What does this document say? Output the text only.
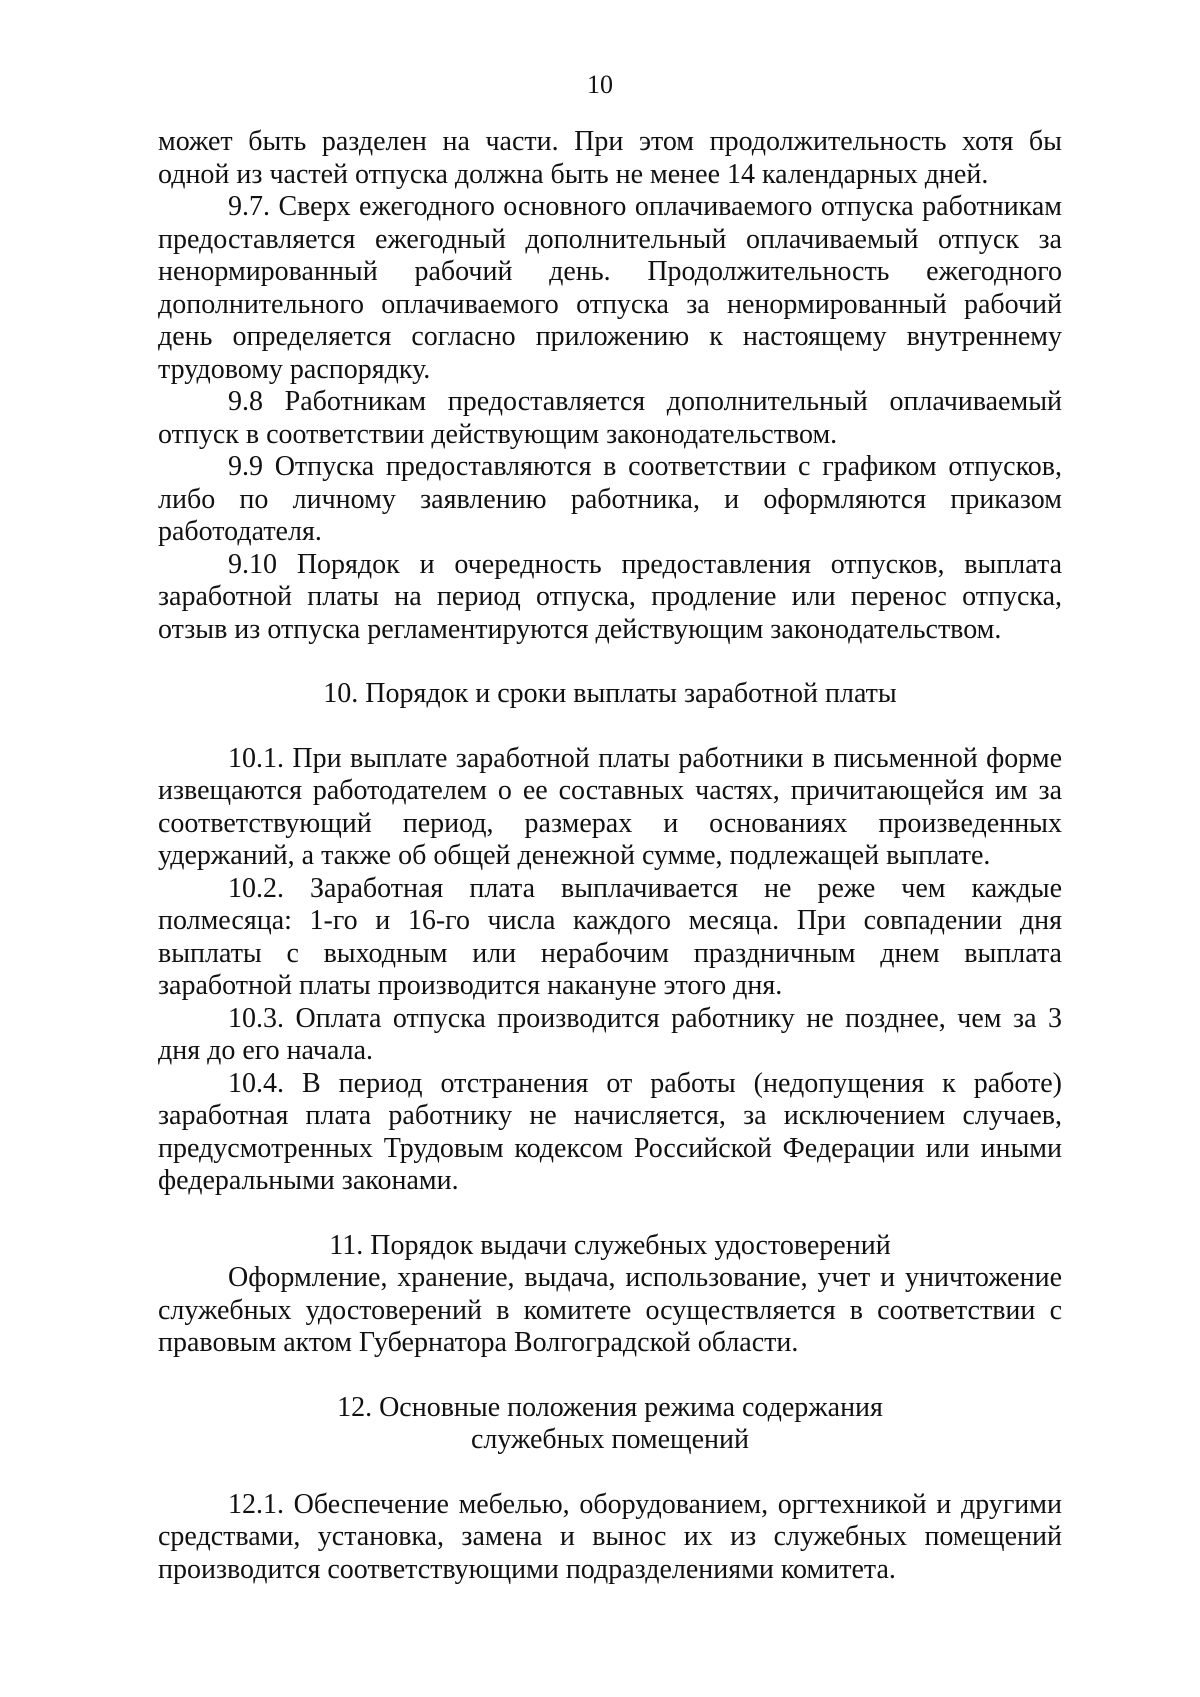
10

может быть разделен на части. При этом продолжительность хотя бы одной из частей отпуска должна быть не менее 14 календарных дней.

9.7. Сверх ежегодного основного оплачиваемого отпуска работникам предоставляется ежегодный дополнительный оплачиваемый отпуск за ненормированный рабочий день. Продолжительность ежегодного дополнительного оплачиваемого отпуска за ненормированный рабочий день определяется согласно приложению к настоящему внутреннему трудовому распорядку.

9.8 Работникам предоставляется дополнительный оплачиваемый отпуск в соответствии действующим законодательством.

9.9 Отпуска предоставляются в соответствии с графиком отпусков, либо по личному заявлению работника, и оформляются приказом работодателя.

9.10 Порядок и очередность предоставления отпусков, выплата заработной платы на период отпуска, продление или перенос отпуска, отзыв из отпуска регламентируются действующим законодательством.

10. Порядок и сроки выплаты заработной платы

10.1. При выплате заработной платы работники в письменной форме извещаются работодателем о ее составных частях, причитающейся им за соответствующий период, размерах и основаниях произведенных удержаний, а также об общей денежной сумме, подлежащей выплате.

10.2. Заработная плата выплачивается не реже чем каждые полмесяца: 1-го и 16-го числа каждого месяца. При совпадении дня выплаты с выходным или нерабочим праздничным днем выплата заработной платы производится накануне этого дня.

10.3. Оплата отпуска производится работнику не позднее, чем за 3 дня до его начала.

10.4. В период отстранения от работы (недопущения к работе) заработная плата работнику не начисляется, за исключением случаев, предусмотренных Трудовым кодексом Российской Федерации или иными федеральными законами.

11. Порядок выдачи служебных удостоверений

Оформление, хранение, выдача, использование, учет и уничтожение служебных удостоверений в комитете осуществляется в соответствии с правовым актом Губернатора Волгоградской области.

12. Основные положения режима содержания
служебных помещений

12.1. Обеспечение мебелью, оборудованием, оргтехникой и другими средствами, установка, замена и вынос их из служебных помещений производится соответствующими подразделениями комитета.
